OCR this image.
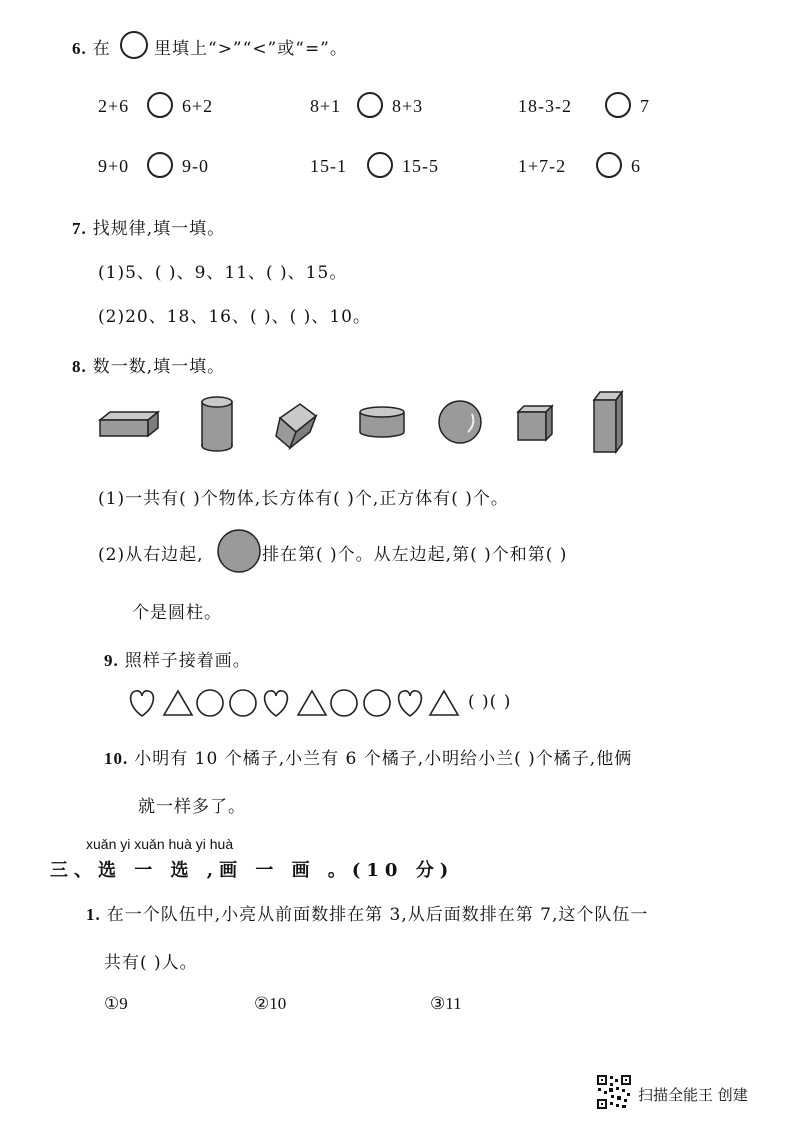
6. 在	里填上“>”“<”或“=”。
2+6	6+2	8+1	8+3	18-3-2	7
9+0	9-0	15-1	15-5	1+7-2	6
7. 找规律,填一填。
(1)5、( )、9、11、( )、15。
(2)20、18、16、( )、( )、10。
8. 数一数,填一填。
(1)一共有( )个物体,长方体有( )个,正方体有( )个。
(2)从右边起,	排在第( )个。从左边起,第( )个和第( )
个是圆柱。
9. 照样子接着画。
( )( )
10. 小明有 10 个橘子,小兰有 6 个橘子,小明给小兰( )个橘子,他俩
就一样多了。
xuǎn yi xuǎn huà yi huà
三、选 一 选 ,画 一 画 。(10 分)
1. 在一个队伍中,小亮从前面数排在第 3,从后面数排在第 7,这个队伍一
共有( )人。
①9	②10	③11
扫描全能王 创建
